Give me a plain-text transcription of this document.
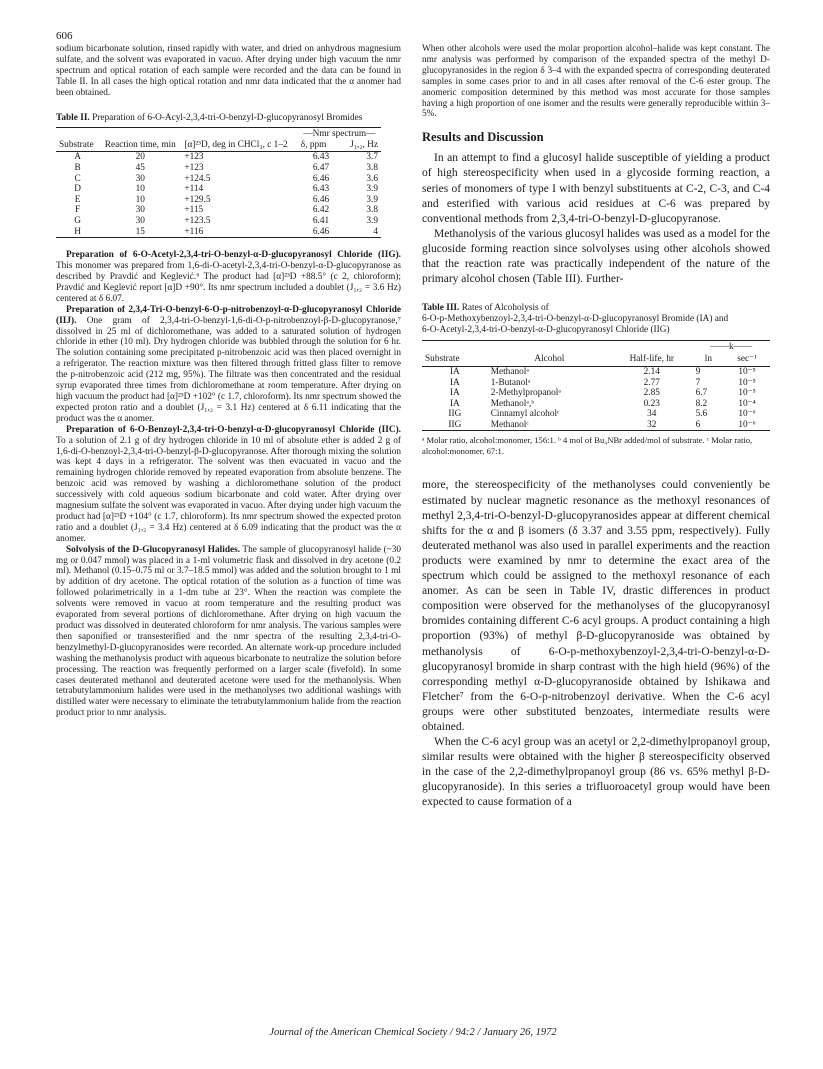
606

sodium bicarbonate solution, rinsed rapidly with water, and dried on anhydrous magnesium sulfate, and the solvent was evaporated in vacuo. After drying under high vacuum the nmr spectrum and optical rotation of each sample were recorded and the data can be found in Table II. In all cases the high optical rotation and nmr data indicated that the α anomer had been obtained.

Table II. Preparation of 6-O-Acyl-2,3,4-tri-O-benzyl-D-glucopyranosyl Bromides
Substrate	Reaction time, min	[α]²³D, deg in CHCl₃, c 1–2	—Nmr spectrum—
δ, ppm J₁,₂, Hz	

A	20	+123	6.43	3.7
B	45	+123	6.47	3.8
C	30	+124.5	6.46	3.6
D	10	+114	6.43	3.9
E	10	+129.5	6.46	3.9
F	30	+115	6.42	3.8
G	30	+123.5	6.41	3.9
H	15	+116	6.46	4

Preparation of 6-O-Acetyl-2,3,4-tri-O-benzyl-α-D-glucopyranosyl Chloride (IIG). This monomer was prepared from 1,6-di-O-acetyl-2,3,4-tri-O-benzyl-α-D-glucopyranose as described by Pravdić and Keglević.⁶ The product had [α]²³D +88.5° (c 2, chloroform); Pravdić and Keglević report [α]D +90°. Its nmr spectrum included a doublet (J₁,₂ = 3.6 Hz) centered at δ 6.07.

Preparation of 2,3,4-Tri-O-benzyl-6-O-p-nitrobenzoyl-α-D-glucopyranosyl Chloride (IIJ). One gram of 2,3,4-tri-O-benzyl-1,6-di-O-p-nitrobenzoyl-β-D-glucopyranose,⁷ dissolved in 25 ml of dichloromethane, was added to a saturated solution of hydrogen chloride in ether (10 ml). Dry hydrogen chloride was bubbled through the solution for 6 hr. The solution containing some precipitated p-nitrobenzoic acid was then placed overnight in a refrigerator. The reaction mixture was then filtered through fritted glass filter to remove the p-nitrobenzoic acid (212 mg, 95%). The filtrate was then concentrated and the residual syrup evaporated three times from dichloromethane at room temperature. After drying on high vacuum the product had [α]²³D +102° (c 1.7, chloroform). Its nmr spectrum showed the expected proton ratio and a doublet (J₁,₂ = 3.1 Hz) centered at δ 6.11 indicating that the product was the α anomer.

Preparation of 6-O-Benzoyl-2,3,4-tri-O-benzyl-α-D-glucopyranosyl Chloride (IIC). To a solution of 2.1 g of dry hydrogen chloride in 10 ml of absolute ether is added 2 g of 1,6-di-O-benzoyl-2,3,4-tri-O-benzyl-β-D-glucopyranose. After thorough mixing the solution was kept 4 days in a refrigerator. The solvent was then evacuated in vacuo and the remaining hydrogen chloride removed by repeated evaporation from absolute benzene. The benzoic acid was removed by washing a dichloromethane solution of the product successively with cold aqueous sodium bicarbonate and cold water. After drying over magnesium sulfate the solvent was evaporated in vacuo. After drying under high vacuum the product had [α]²³D +104° (c 1.7, chloroform). Its nmr spectrum showed the expected proton ratio and a doublet (J₁,₂ = 3.4 Hz) centered at δ 6.09 indicating that the product was the α anomer.

Solvolysis of the D-Glucopyranosyl Halides. The sample of glucopyranosyl halide (~30 mg or 0.047 mmol) was placed in a 1-ml volumetric flask and dissolved in dry acetone (0.2 ml). Methanol (0.15–0.75 ml or 3.7–18.5 mmol) was added and the solution brought to 1 ml by addition of dry acetone. The optical rotation of the solution as a function of time was followed polarimetrically in a 1-dm tube at 23°. When the reaction was complete the solvents were removed in vacuo at room temperature and the resulting product was evaporated from several portions of dichloromethane. After drying on high vacuum the product was dissolved in deuterated chloroform for nmr analysis. The various samples were then saponified or transesterified and the nmr spectra of the resulting 2,3,4-tri-O-benzylmethyl-D-glucopyranosides were recorded. An alternate work-up procedure included washing the methanolysis product with aqueous bicarbonate to neutralize the solution before processing. The reaction was frequently performed on a larger scale (fivefold). In some cases deuterated methanol and deuterated acetone were used for the methanolysis. When tetrabutylammonium halides were used in the methanolyses two additional washings with distilled water were necessary to eliminate the tetrabutylammonium halide from the reaction product prior to nmr analysis.

When other alcohols were used the molar proportion alcohol–halide was kept constant. The nmr analysis was performed by comparison of the expanded spectra of the methyl D-glucopyranosides in the region δ 3–4 with the expanded spectra of corresponding deuterated samples in some cases prior to and in all cases after removal of the C-6 ester group. The anomeric composition determined by this method was most accurate for those samples having a high proportion of one isomer and the results were generally reproducible within 3–5%.

Results and Discussion

In an attempt to find a glucosyl halide susceptible of yielding a product of high stereospecificity when used in a glycoside forming reaction, a series of monomers of type I with benzyl substituents at C-2, C-3, and C-4 and esterified with various acid residues at C-6 was prepared by conventional methods from 2,3,4-tri-O-benzyl-D-glucopyranose.

Methanolysis of the various glucosyl halides was used as a model for the glucoside forming reaction since solvolyses using other alcohols showed that the reaction rate was practically independent of the nature of the primary alcohol chosen (Table III). Further-

Table III. Rates of Alcoholysis of
6-O-p-Methoxybenzoyl-2,3,4-tri-O-benzyl-α-D-glucopyranosyl Bromide (IA) and
6-O-Acetyl-2,3,4-tri-O-benzyl-α-D-glucopyranosyl Chloride (IIG)
Substrate	Alcohol	Half-life, hr	——k——	
			ln	sec⁻¹
IA	Methanolᵃ	2.14	9	10⁻⁵
IA	1-Butanolᵃ	2.77	7	10⁻⁵
IA	2-Methylpropanolᵃ	2.85	6.7	10⁻⁵
IA	Methanolᵃ,ᵇ	0.23	8.2	10⁻⁴
IIG	Cinnamyl alcoholᶜ	34	5.6	10⁻⁶
IIG	Methanolᶜ	32	6	10⁻⁶

ᵃ Molar ratio, alcohol:monomer, 156:1. ᵇ 4 mol of Bu₄NBr added/mol of substrate. ᶜ Molar ratio, alcohol:monomer, 67:1.

more, the stereospecificity of the methanolyses could conveniently be estimated by nuclear magnetic resonance as the methoxyl resonances of methyl 2,3,4-tri-O-benzyl-D-glucopyranosides appear at different chemical shifts for the α and β isomers (δ 3.37 and 3.55 ppm, respectively). Fully deuterated methanol was also used in parallel experiments and the reaction products were examined by nmr to determine the exact area of the spectrum which could be assigned to the methoxyl resonance of each anomer. As can be seen in Table IV, drastic differences in product composition were observed for the methanolyses of the glucopyranosyl bromides containing different C-6 acyl groups. A product containing a high proportion (93%) of methyl β-D-glucopyranoside was obtained by methanolysis of 6-O-p-methoxybenzoyl-2,3,4-tri-O-benzyl-α-D-glucopyranosyl bromide in sharp contrast with the high hield (96%) of the corresponding methyl α-D-glucopyranoside obtained by Ishikawa and Fletcher⁷ from the 6-O-p-nitrobenzoyl derivative. When the C-6 acyl groups were other substituted benzoates, intermediate results were obtained.

When the C-6 acyl group was an acetyl or 2,2-dimethylpropanoyl group, similar results were obtained with the higher β stereospecificity observed in the case of the 2,2-dimethylpropanoyl group (86 vs. 65% methyl β-D-glucopyranoside). In this series a trifluoroacetyl group would have been expected to cause formation of a

Journal of the American Chemical Society / 94:2 / January 26, 1972
